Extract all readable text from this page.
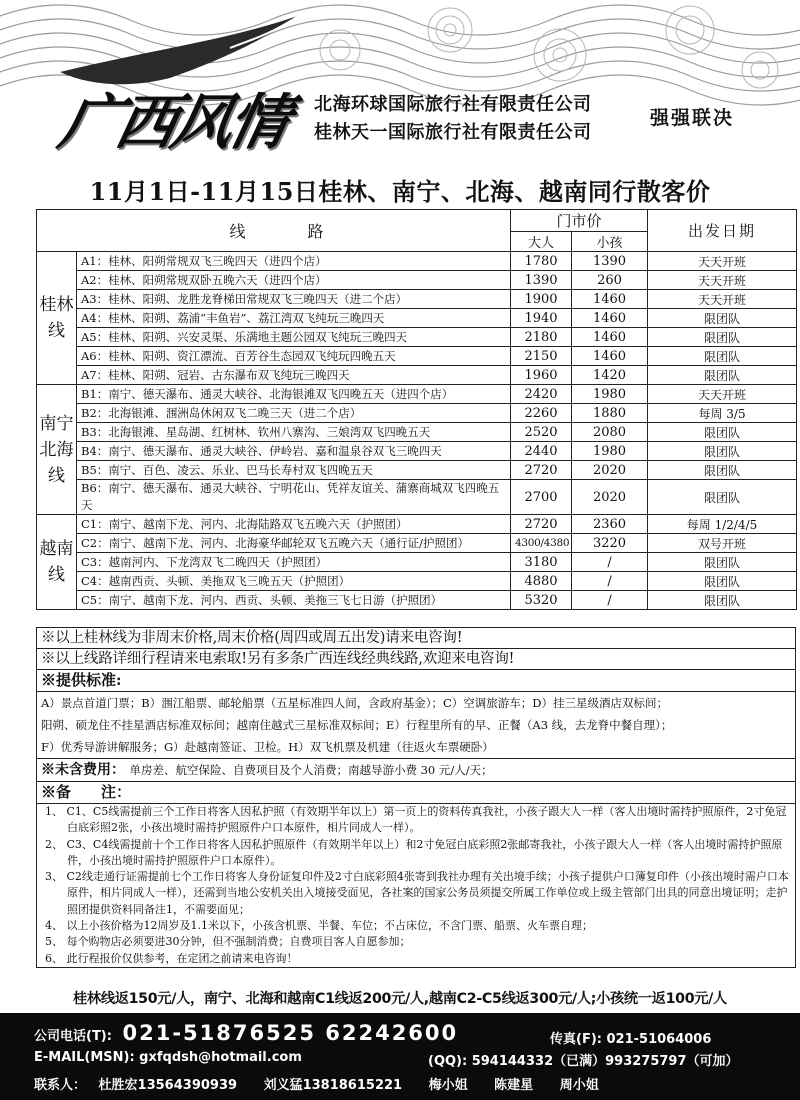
广西风情 北海环球国际旅行社有限责任公司
桂林天一国际旅行社有限责任公司
强强联决
11月1日-11月15日桂林、南宁、北海、越南同行散客价
线　　路		门市价		出发日期
		大人	小孩	
桂林线	A1：桂林、阳朔常规双飞三晚四天（进四个店）	1780	1390	天天开班
	A2：桂林、阳朔常规双卧五晚六天（进四个店）	1390	260	天天开班
	A3：桂林、阳朔、龙胜龙脊梯田常规双飞三晚四天（进二个店）	1900	1460	天天开班
	A4：桂林、阳朔、荔浦“丰鱼岩”、荔江湾双飞纯玩三晚四天	1940	1460	限团队
	A5：桂林、阳朔、兴安灵渠、乐满地主题公园双飞纯玩三晚四天	2180	1460	限团队
	A6：桂林、阳朔、资江漂流、百芳谷生态园双飞纯玩四晚五天	2150	1460	限团队
	A7：桂林、阳朔、冠岩、古东瀑布双飞纯玩三晚四天	1960	1420	限团队
南宁北海线	B1：南宁、德天瀑布、通灵大峡谷、北海银滩双飞四晚五天（进四个店）	2420	1980	天天开班
	B2：北海银滩、涠洲岛休闲双飞二晚三天（进二个店）	2260	1880	每周 3/5
	B3：北海银滩、星岛湖、红树林、钦州八寨沟、三娘湾双飞四晚五天	2520	2080	限团队
	B4：南宁、德天瀑布、通灵大峡谷、伊岭岩、嘉和温泉谷双飞三晚四天	2440	1980	限团队
	B5：南宁、百色、凌云、乐业、巴马长寿村双飞四晚五天	2720	2020	限团队
	B6：南宁、德天瀑布、通灵大峡谷、宁明花山、凭祥友谊关、蒲寨商城双飞四晚五天	2700	2020	限团队
越南线	C1：南宁、越南下龙、河内、北海陆路双飞五晚六天（护照团）	2720	2360	每周 1/2/4/5
	C2：南宁、越南下龙、河内、北海豪华邮轮双飞五晚六天（通行证/护照团）	4300/4380	3220	双号开班
	C3：越南河内、下龙湾双飞二晚四天（护照团）	3180	/	限团队
	C4：越南西贡、头顿、美拖双飞三晚五天（护照团）	4880	/	限团队
	C5：南宁、越南下龙、河内、西贡、头顿、美拖三飞七日游（护照团）	5320	/	限团队
※以上桂林线为非周末价格,周末价格(周四或周五出发)请来电咨询!
※以上线路详细行程请来电索取!另有多条广西连线经典线路,欢迎来电咨询!
※提供标准:
A）景点首道门票；B）涠江船票、邮轮船票（五星标准四人间，含政府基金）；C）空调旅游车；D）挂三星级酒店双标间；
阳朔、硕龙住不挂星酒店标准双标间；越南住越式三星标准双标间；E）行程里所有的早、正餐（A3 线，去龙脊中餐自理）；
F）优秀导游讲解服务；G）赴越南签证、卫检。H）双飞机票及机建（往返火车票硬卧）
※未含费用： 单房差、航空保险、自费项目及个人消费；南越导游小费 30 元/人/天；
※备　　注：
1、 C1、C5线需提前三个工作日将客人因私护照（有效期半年以上）第一页上的资料传真我社，小孩子跟大人一样（客人出境时需持护照原件，2寸免冠白底彩照2张，小孩出境时需持护照原件户口本原件，相片同成人一样）。
2、 C3、C4线需提前十个工作日将客人因私护照原件（有效期半年以上）和2寸免冠白底彩照2张邮寄我社，小孩子跟大人一样（客人出境时需持护照原件，小孩出境时需持护照原件户口本原件）。
3、 C2线走通行证需提前七个工作日将客人身份证复印件及2寸白底彩照4张寄到我社办理有关出境手续；小孩子提供户口簿复印件（小孩出境时需户口本原件，相片同成人一样），还需到当地公安机关出入境接受面见，各社案的国家公务员须提交所属工作单位或上级主管部门出具的同意出境证明；走护照团提供资料同备注1，不需要面见；
4、 以上小孩价格为12周岁及1.1米以下，小孩含机票、半餐、车位；不占床位，不含门票、船票、火车票自理；
5、 每个购物店必须要进30分钟，但不强制消费；自费项目客人自愿参加；
6、 此行程报价仅供参考，在定团之前请来电咨询！
桂林线返150元/人，南宁、北海和越南C1线返200元/人,越南C2-C5线返300元/人;小孩统一返100元/人
公司电话(T): 021-51876525 62242600	传真(F): 021-51064006
E-MAIL(MSN): gxfqdsh@hotmail.com	(QQ): 594144332（已满）993275797（可加）
联系人： 杜胜宏13564390939 刘义猛13818615221 梅小姐 陈建星 周小姐
